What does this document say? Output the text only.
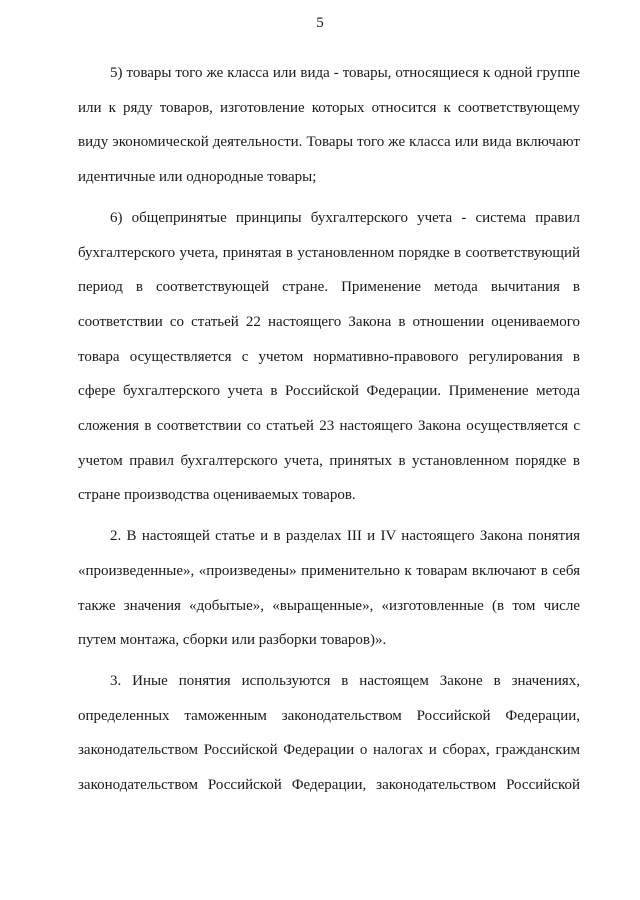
5

5) товары того же класса или вида - товары, относящиеся к одной группе или к ряду товаров, изготовление которых относится к соответствующему виду экономической деятельности. Товары того же класса или вида включают идентичные или однородные товары;

6) общепринятые принципы бухгалтерского учета - система правил бухгалтерского учета, принятая в установленном порядке в соответствующий период в соответствующей стране. Применение метода вычитания в соответствии со статьей 22 настоящего Закона в отношении оцениваемого товара осуществляется с учетом нормативно-правового регулирования в сфере бухгалтерского учета в Российской Федерации. Применение метода сложения в соответствии со статьей 23 настоящего Закона осуществляется с учетом правил бухгалтерского учета, принятых в установленном порядке в стране производства оцениваемых товаров.

2. В настоящей статье и в разделах III и IV настоящего Закона понятия «произведенные», «произведены» применительно к товарам включают в себя также значения «добытые», «выращенные», «изготовленные (в том числе путем монтажа, сборки или разборки товаров)».

3. Иные понятия используются в настоящем Законе в значениях, определенных таможенным законодательством Российской Федерации, законодательством Российской Федерации о налогах и сборах, гражданским законодательством Российской Федерации, законодательством Российской
